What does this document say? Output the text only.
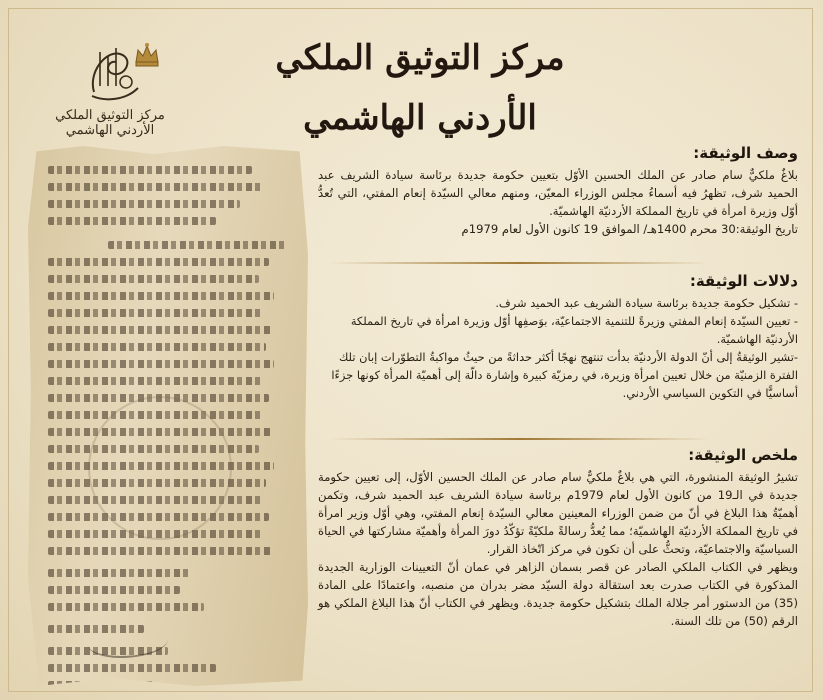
مركز التوثيق الملكي الأردني الهاشمي
مركز التوثيق الملكي الأردني الهاشمي
وصف الوثيقة:

بلاغٌ ملكيٌّ سام صادر عن الملك الحسين الأوّل بتعيين حكومة جديدة برئاسة سيادة الشريف عبد الحميد شرف، تظهرُ فيه أسماءُ مجلس الوزراء المعيّن، ومنهم معالي السيّدة إنعام المفتي، التي تُعدُّ أوّل وزيرة امرأة في تاريخ المملكة الأردنيّة الهاشميّة.

تاريخ الوثيقة:30 محرم 1400هـ/ الموافق 19 كانون الأول لعام 1979م

دلالات الوثيقة:

- تشكيل حكومة جديدة برئاسة سيادة الشريف عبد الحميد شرف.

- تعيين السيّدة إنعام المفتي وزيرةً للتنمية الاجتماعيّة، بوَصفِها أوّل وزيرة امرأة في تاريخ المملكة الأردنيّة الهاشميّة.

-تشير الوثيقةُ إلى أنّ الدولة الأردنيّة بدأت تنتهج نهجًا أكثر حداثةً من حيثُ مواكبةُ التطوّرات إبان تلك الفترة الزمنيّة من خلال تعيين امرأة وزيرة، في رمزيّة كبيرة وإشارة دالّة إلى أهميّة المرأة كونها جزءًا أساسيًّا في التكوين السياسي الأردني.

ملخص الوثيقة:

تشيرُ الوثيقة المنشورة، التي هي بلاغٌ ملكيٌّ سام صادر عن الملك الحسين الأوّل، إلى تعيين حكومة جديدة في الـ19 من كانون الأول لعام 1979م برئاسة سيادة الشريف عبد الحميد شرف، وتكمن أهميّةُ هذا البلاغ في أنّ من ضمن الوزراء المعينين معالي السيّدة إنعام المفتي، وهي أوّل وزير امرأة في تاريخ المملكة الأردنيّة الهاشميّة؛ مما يُعدُّ رسالةً ملكيّةً تؤكّدُ دورَ المرأة وأهميّة مشاركتها في الحياة السياسيّة والاجتماعيّة، وتحثُّ على أن تكون في مركز اتّخاذ القرار.

ويظهر في الكتاب الملكي الصادر عن قصر بسمان الزاهر في عمان أنّ التعيينات الوزارية الجديدة المذكورة في الكتاب صدرت بعد استقالة دولة السيّد مضر بدران من منصبه، واعتمادًا على المادة (35) من الدستور أمر جلالة الملك بتشكيل حكومة جديدة. ويظهر في الكتاب أنّ هذا البلاغ الملكي هو الرقم (50) من تلك السنة.
